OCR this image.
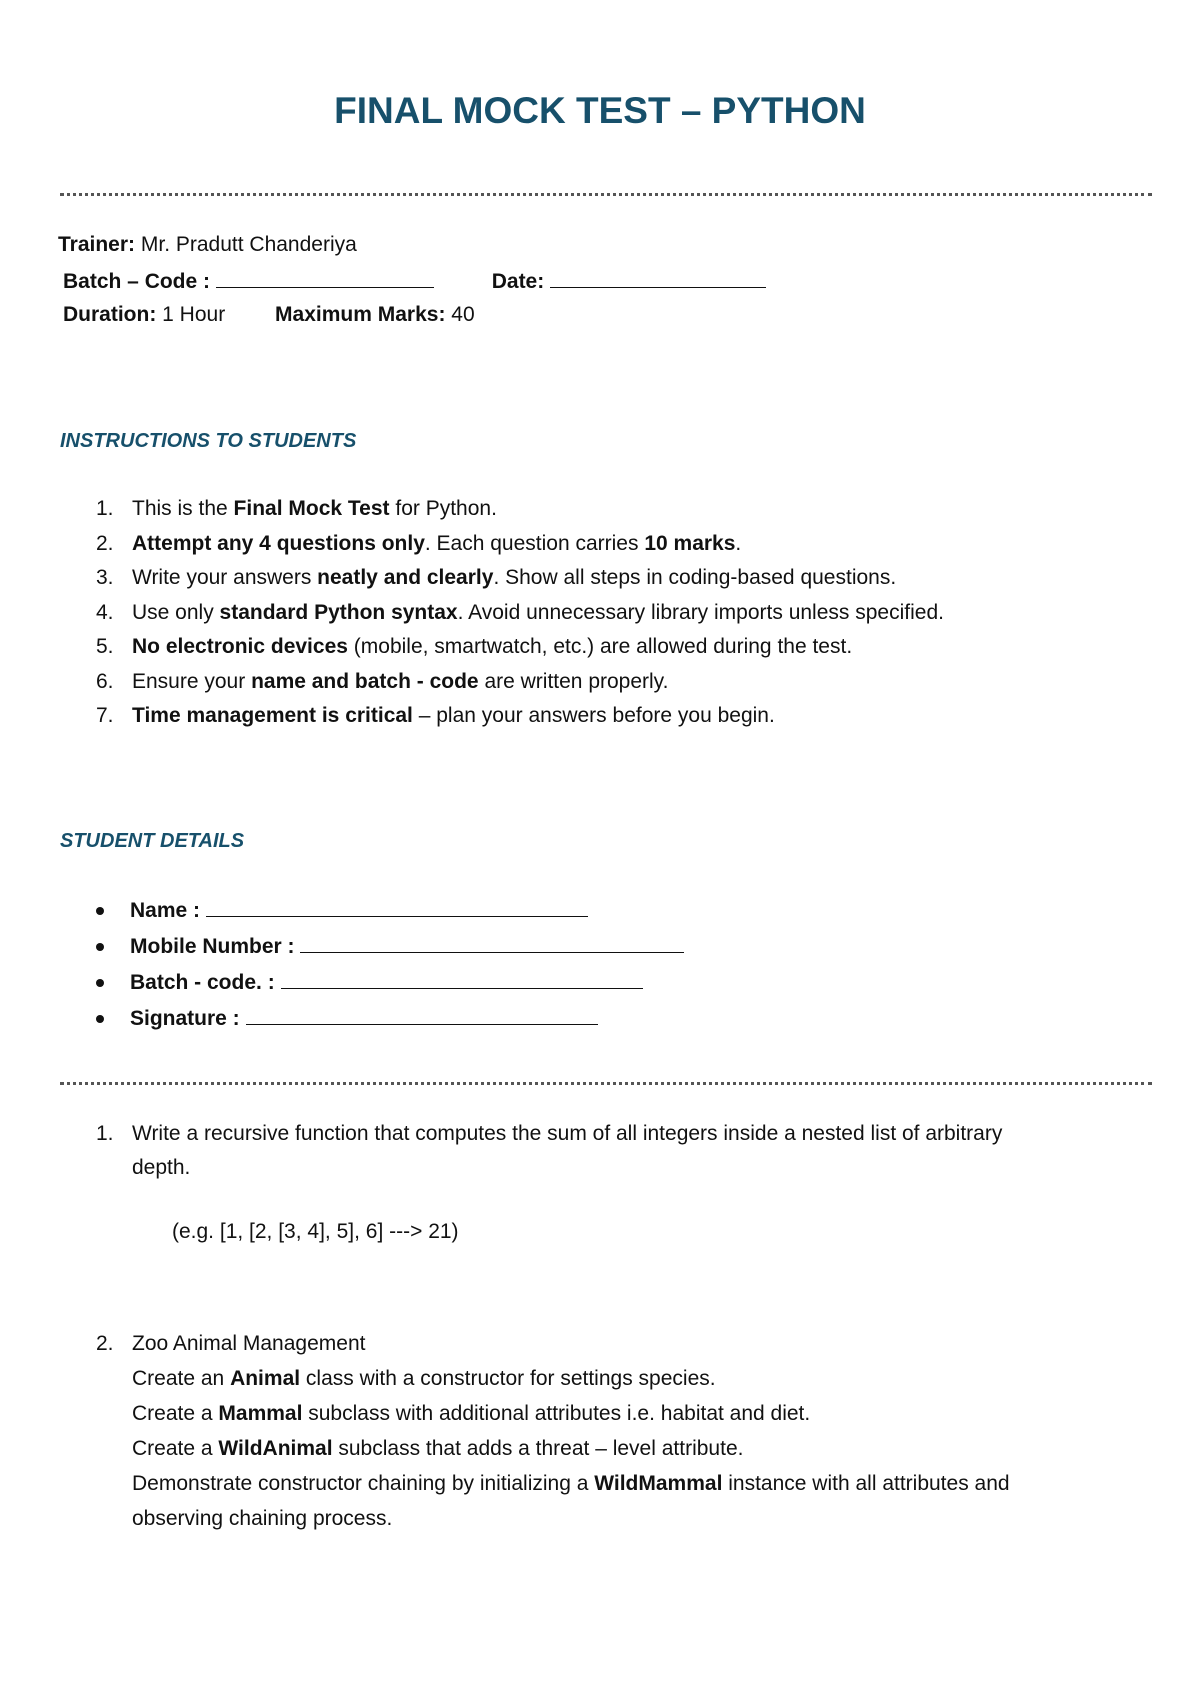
FINAL MOCK TEST – PYTHON
Trainer: Mr. Pradutt Chanderiya
Batch – Code :	Date:
Duration: 1 Hour Maximum Marks: 40
INSTRUCTIONS TO STUDENTS
1. This is the Final Mock Test for Python.
2. Attempt any 4 questions only. Each question carries 10 marks.
3. Write your answers neatly and clearly. Show all steps in coding-based questions.
4. Use only standard Python syntax. Avoid unnecessary library imports unless specified.
5. No electronic devices (mobile, smartwatch, etc.) are allowed during the test.
6. Ensure your name and batch - code are written properly.
7. Time management is critical – plan your answers before you begin.
STUDENT DETAILS
Name :
Mobile Number :
Batch - code. :
Signature :
1. Write a recursive function that computes the sum of all integers inside a nested list of arbitrary
depth.
(e.g. [1, [2, [3, 4], 5], 6] ---> 21)
2. Zoo Animal Management
Create an Animal class with a constructor for settings species.
Create a Mammal subclass with additional attributes i.e. habitat and diet.
Create a WildAnimal subclass that adds a threat – level attribute.
Demonstrate constructor chaining by initializing a WildMammal instance with all attributes and
observing chaining process.
